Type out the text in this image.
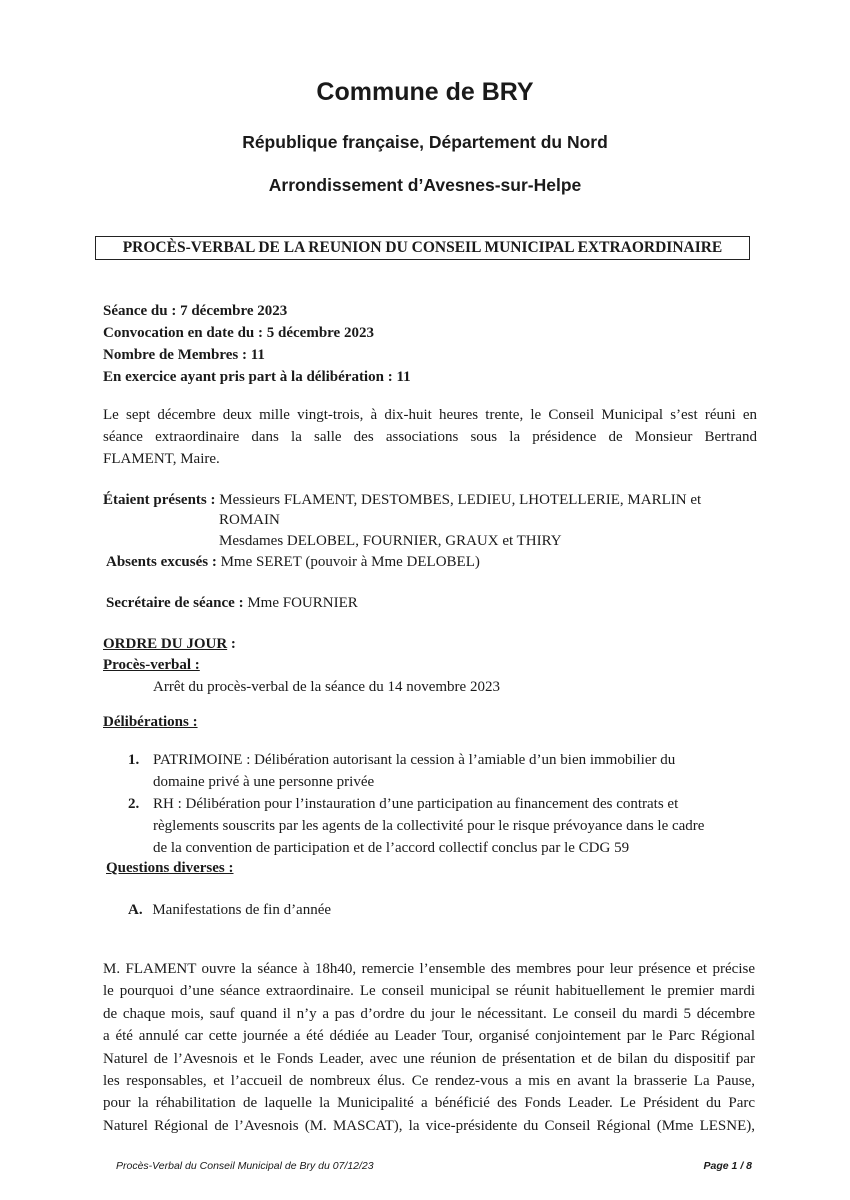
Commune de BRY
République française, Département du Nord
Arrondissement d’Avesnes-sur-Helpe
PROCÈS-VERBAL DE LA REUNION DU CONSEIL MUNICIPAL EXTRAORDINAIRE
Séance du : 7 décembre 2023
Convocation en date du : 5 décembre 2023
Nombre de Membres : 11
En exercice ayant pris part à la délibération : 11
Le sept décembre deux mille vingt-trois, à dix-huit heures trente, le Conseil Municipal s’est réuni en
séance extraordinaire dans la salle des associations sous la présidence de Monsieur Bertrand
FLAMENT, Maire.
Étaient présents : Messieurs FLAMENT, DESTOMBES, LEDIEU, LHOTELLERIE, MARLIN et
ROMAIN
Mesdames DELOBEL, FOURNIER, GRAUX et THIRY
Absents excusés : Mme SERET (pouvoir à Mme DELOBEL)
Secrétaire de séance : Mme FOURNIER
ORDRE DU JOUR :
Procès-verbal :
Arrêt du procès-verbal de la séance du 14 novembre 2023
Délibérations :
1. PATRIMOINE : Délibération autorisant la cession à l’amiable d’un bien immobilier du
domaine privé à une personne privée
2. RH : Délibération pour l’instauration d’une participation au financement des contrats et
règlements souscrits par les agents de la collectivité pour le risque prévoyance dans le cadre
de la convention de participation et de l’accord collectif conclus par le CDG 59
Questions diverses :
A. Manifestations de fin d’année
M. FLAMENT ouvre la séance à 18h40, remercie l’ensemble des membres pour leur présence et précise
le pourquoi d’une séance extraordinaire. Le conseil municipal se réunit habituellement le premier mardi
de chaque mois, sauf quand il n’y a pas d’ordre du jour le nécessitant. Le conseil du mardi 5 décembre
a été annulé car cette journée a été dédiée au Leader Tour, organisé conjointement par le Parc Régional
Naturel de l’Avesnois et le Fonds Leader, avec une réunion de présentation et de bilan du dispositif par
les responsables, et l’accueil de nombreux élus. Ce rendez-vous a mis en avant la brasserie La Pause,
pour la réhabilitation de laquelle la Municipalité a bénéficié des Fonds Leader. Le Président du Parc
Naturel Régional de l’Avesnois (M. MASCAT), la vice-présidente du Conseil Régional (Mme LESNE),
Procès-Verbal du Conseil Municipal de Bry du 07/12/23	Page 1 / 8
